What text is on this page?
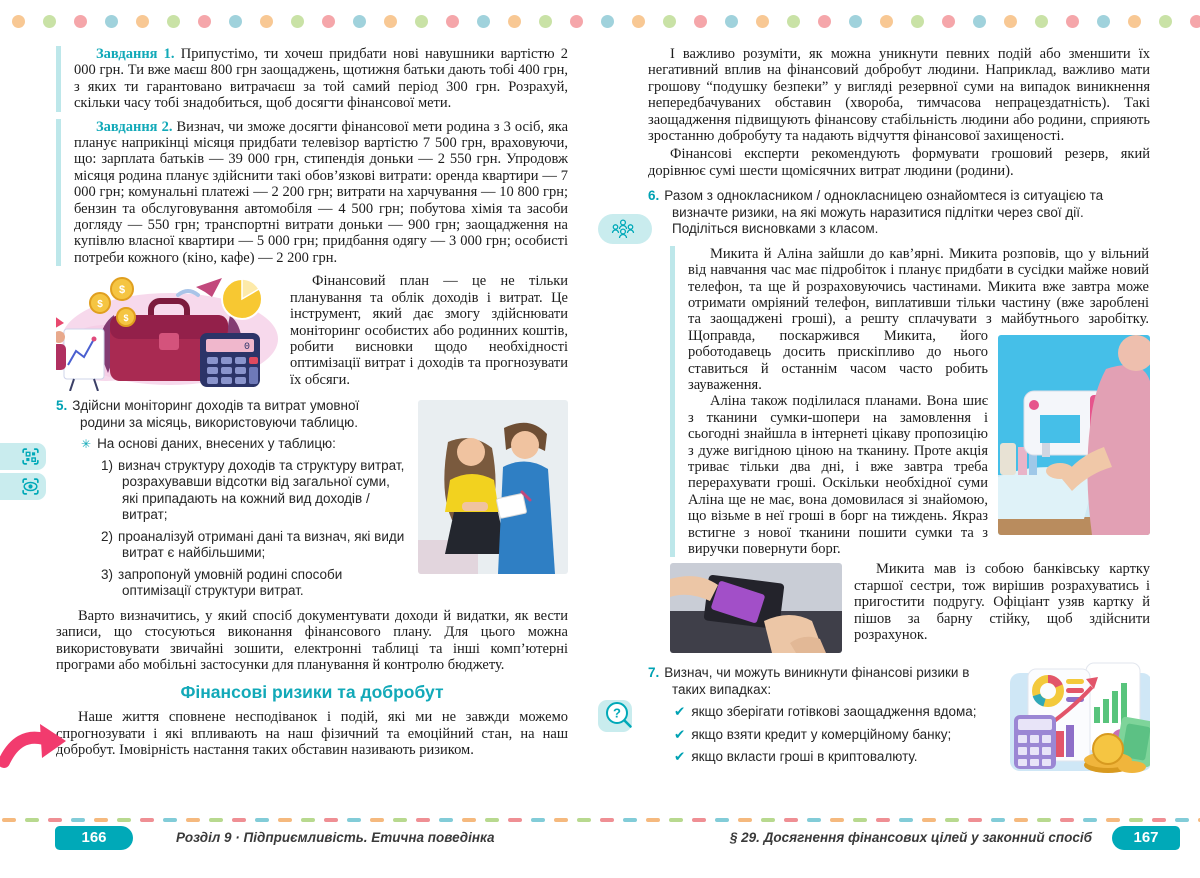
Завдання 1. Припустімо, ти хочеш придбати нові навушники вартістю 2 000 грн. Ти вже маєш 800 грн заощаджень, щотижня батьки дають тобі 400 грн, з яких ти гарантовано витрачаєш за той самий період 300 грн. Розрахуй, скільки часу тобі знадобиться, щоб досягти фінансової мети.

Завдання 2. Визнач, чи зможе досягти фінансової мети родина з 3 осіб, яка планує наприкінці місяця придбати телевізор вартістю 7 500 грн, враховуючи, що: зарплата батьків — 39 000 грн, стипендія доньки — 2 550 грн. Упродовж місяця родина планує здійснити такі обов’язкові витрати: оренда квартири — 7 000 грн; комунальні платежі — 2 200 грн; витрати на харчування — 10 800 грн; бензин та обслуговування автомобіля — 4 500 грн; побутова хімія та засоби догляду — 550 грн; транспортні витрати доньки — 900 грн; заощадження на купівлю власної квартири — 5 000 грн; придбання одягу — 3 000 грн; особисті потреби кожного (кіно, кафе) — 2 200 грн.

$
$
$
0

Фінансовий план — це не тільки планування та облік доходів і витрат. Це інструмент, який дає змогу здійснювати моніторинг особистих або родинних коштів, робити висновки щодо необхідності оптимізації витрат і доходів та прогнозувати їх обсяги.

5. Здійсни моніторинг доходів та витрат умовної родини за місяць, використовуючи таблицю.

✳ На основі даних, внесених у таблицю:

1) визнач структуру доходів та структуру витрат, розрахувавши відсотки від загальної суми, які припадають на кожний вид доходів / витрат;

2) проаналізуй отримані дані та визнач, які види витрат є найбільшими;

3) запропонуй умовній родині способи оптимізації структури витрат.

Варто визначитись, у який спосіб документувати доходи й видатки, як вести записи, що стосуються виконання фінансового плану. Для цього можна використовувати звичайні зошити, електронні таблиці та інші комп’ютерні програми або мобільні застосунки для планування й контролю бюджету.

Фінансові ризики та добробут

Наше життя сповнене несподіванок і подій, які ми не завжди можемо спрогнозувати і які впливають на наш фізичний та емоційний стан, на наш добробут. Імовірність настання таких обставин називають ризиком.

І важливо розуміти, як можна уникнути певних подій або зменшити їх негативний вплив на фінансовий добробут людини. Наприклад, важливо мати грошову “подушку безпеки” у вигляді резервної суми на випадок виникнення непередбачуваних обставин (хвороба, тимчасова непрацездатність). Такі заощадження підвищують фінансову стабільність людини або родини, сприяють зростанню добробуту та надають відчуття фінансової захищеності.

Фінансові експерти рекомендують формувати грошовий резерв, який дорівнює сумі шести щомісячних витрат людини (родини).

6. Разом з однокласником / однокласницею ознайомтеся із ситуацією та визначте ризики, на які можуть наразитися підлітки через свої дії. Поділіться висновками з класом.

Микита й Аліна зайшли до кав’ярні. Микита розповів, що у вільний від навчання час має підробіток і планує придбати в сусідки майже новий телефон, та ще й розраховуючись частинами. Микита вже завтра може отримати омріяний телефон, виплативши тільки частину (вже зароблені та заощаджені гроші), а решту сплачувати з майбутнього заробітку. Щоправда, поскаржився Микита, його роботодавець досить прискіпливо до нього ставиться й останнім часом часто робить зауваження.

Аліна також поділилася планами. Вона шиє з тканини сумки-шопери на замовлення і сьогодні знайшла в інтернеті цікаву пропозицію з дуже вигідною ціною на тканину. Проте акція триває тільки два дні, і вже завтра треба перерахувати гроші. Оскільки необхідної суми Аліна ще не має, вона домовилася зі знайомою, що візьме в неї гроші в борг на тиждень. Якраз встигне з нової тканини пошити сумки та з виручки повернути борг.

Микита мав із собою банківську картку старшої сестри, тож вирішив розрахуватись і пригостити подругу. Офіціант узяв картку й пішов за барну стійку, щоб здійснити розрахунок.

7. Визнач, чи можуть виникнути фінансові ризики в таких випадках:

✔ якщо зберігати готівкові заощадження вдома;

✔ якщо взяти кредит у комерційному банку;

✔ якщо вкласти гроші в криптовалюту.

?
166	Розділ 9 · Підприємливість. Етична поведінка	§ 29. Досягнення фінансових цілей у законний спосіб	167
